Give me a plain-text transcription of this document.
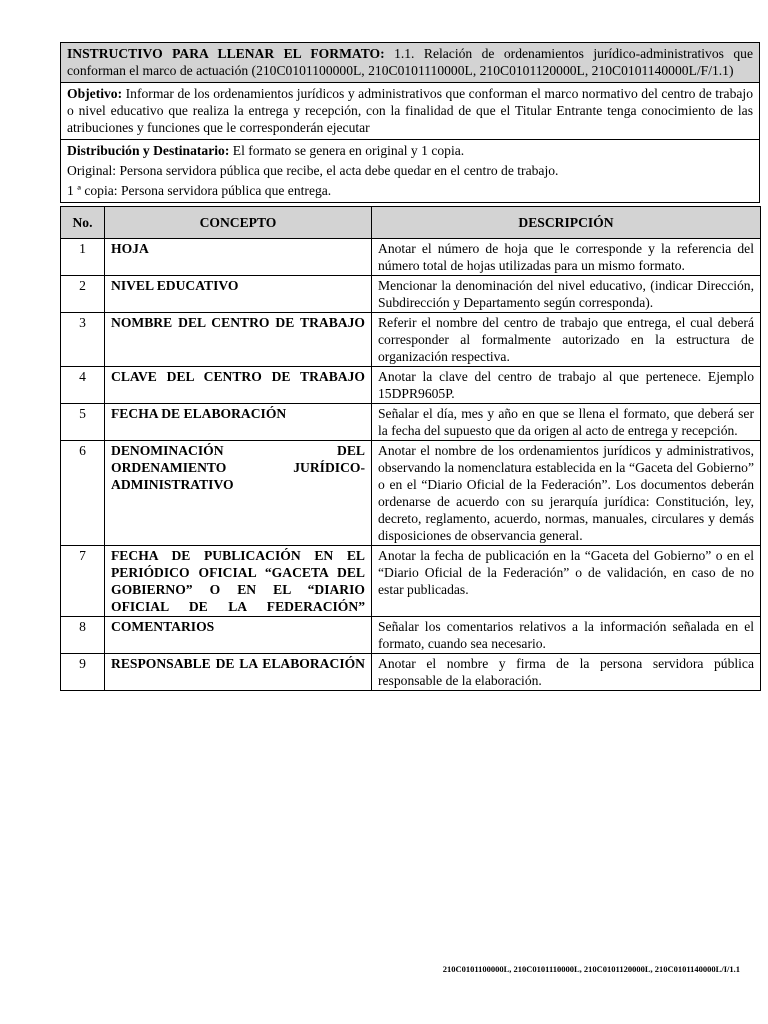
INSTRUCTIVO PARA LLENAR EL FORMATO: 1.1. Relación de ordenamientos jurídico-administrativos que conforman el marco de actuación (210C0101100000L, 210C0101110000L, 210C0101120000L, 210C0101140000L/F/1.1)
Objetivo: Informar de los ordenamientos jurídicos y administrativos que conforman el marco normativo del centro de trabajo o nivel educativo que realiza la entrega y recepción, con la finalidad de que el Titular Entrante tenga conocimiento de las atribuciones y funciones que le corresponderán ejecutar
Distribución y Destinatario: El formato se genera en original y 1 copia.
Original: Persona servidora pública que recibe, el acta debe quedar en el centro de trabajo.
1 ª copia: Persona servidora pública que entrega.
No.	CONCEPTO	DESCRIPCIÓN
1	HOJA	Anotar el número de hoja que le corresponde y la referencia del número total de hojas utilizadas para un mismo formato.
2	NIVEL EDUCATIVO	Mencionar la denominación del nivel educativo, (indicar Dirección, Subdirección y Departamento según corresponda).
3	NOMBRE DEL CENTRO DE TRABAJO	Referir el nombre del centro de trabajo que entrega, el cual deberá corresponder al formalmente autorizado en la estructura de organización respectiva.
4	CLAVE DEL CENTRO DE TRABAJO	Anotar la clave del centro de trabajo al que pertenece. Ejemplo 15DPR9605P.
5	FECHA DE ELABORACIÓN	Señalar el día, mes y año en que se llena el formato, que deberá ser la fecha del supuesto que da origen al acto de entrega y recepción.
6	DENOMINACIÓN DEL ORDENAMIENTO JURÍDICO-ADMINISTRATIVO	Anotar el nombre de los ordenamientos jurídicos y administrativos, observando la nomenclatura establecida en la “Gaceta del Gobierno” o en el “Diario Oficial de la Federación”. Los documentos deberán ordenarse de acuerdo con su jerarquía jurídica: Constitución, ley, decreto, reglamento, acuerdo, normas, manuales, circulares y demás disposiciones de observancia general.
7	FECHA DE PUBLICACIÓN EN EL PERIÓDICO OFICIAL “GACETA DEL GOBIERNO” O EN EL “DIARIO OFICIAL DE LA FEDERACIÓN”	Anotar la fecha de publicación en la “Gaceta del Gobierno” o en el “Diario Oficial de la Federación” o de validación, en caso de no estar publicadas.
8	COMENTARIOS	Señalar los comentarios relativos a la información señalada en el formato, cuando sea necesario.
9	RESPONSABLE DE LA ELABORACIÓN	Anotar el nombre y firma de la persona servidora pública responsable de la elaboración.
210C0101100000L, 210C0101110000L, 210C0101120000L, 210C0101140000L/I/1.1
